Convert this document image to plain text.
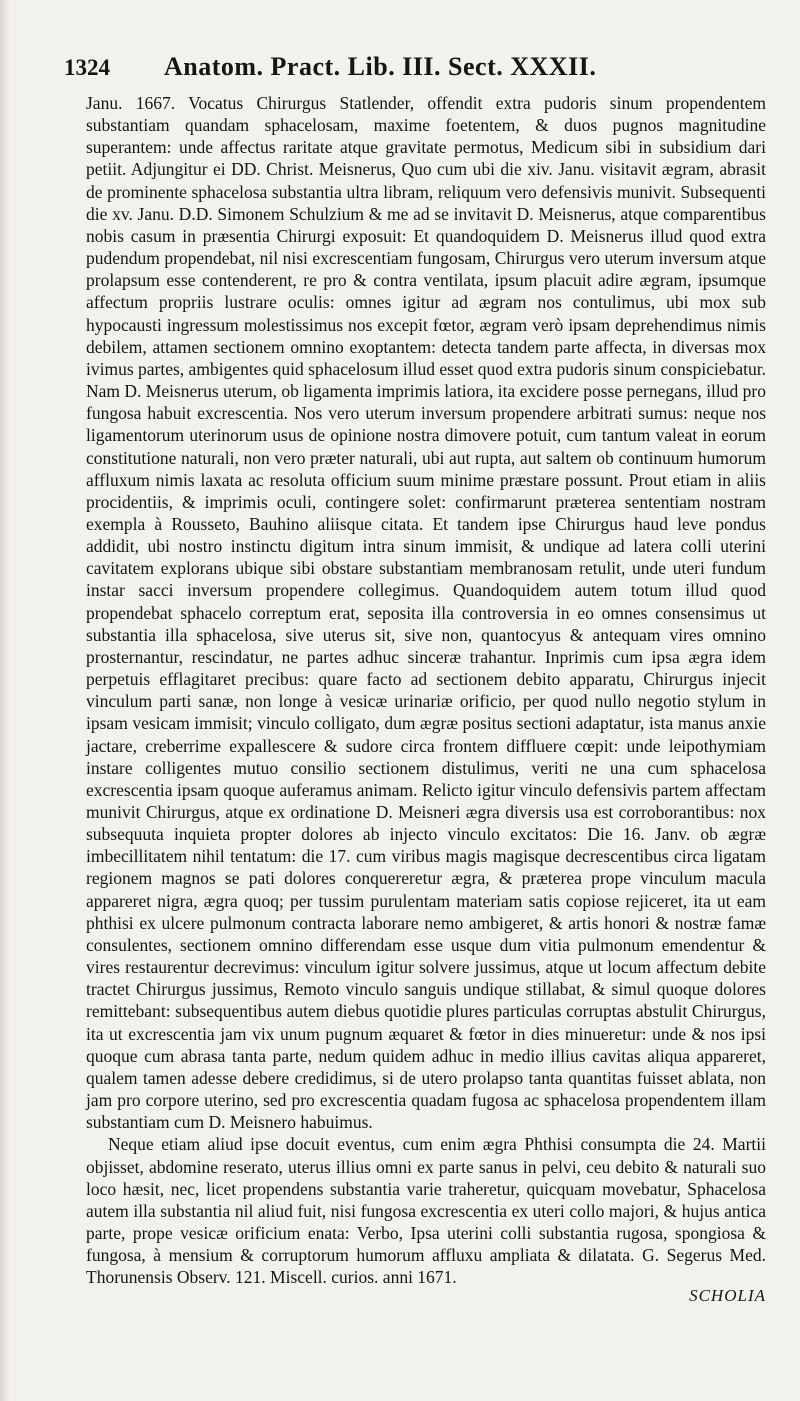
1324	Anatom. Pract. Lib. III. Sect. XXXII.

Janu. 1667. Vocatus Chirurgus Statlender, offendit extra pudoris sinum propendentem substantiam quandam sphacelosam, maxime foetentem, & duos pugnos magnitudine superantem: unde affectus raritate atque gravitate permotus, Medicum sibi in subsidium dari petiit. Adjungitur ei DD. Christ. Meisnerus, Quo cum ubi die xiv. Janu. visitavit ægram, abrasit de prominente sphacelosa substantia ultra libram, reliquum vero defensivis munivit. Subsequenti die xv. Janu. D.D. Simonem Schulzium & me ad se invitavit D. Meisnerus, atque comparentibus nobis casum in præsentia Chirurgi exposuit: Et quandoquidem D. Meisnerus illud quod extra pudendum propendebat, nil nisi excrescentiam fungosam, Chirurgus vero uterum inversum atque prolapsum esse contenderent, re pro & contra ventilata, ipsum placuit adire ægram, ipsumque affectum propriis lustrare oculis: omnes igitur ad ægram nos contulimus, ubi mox sub hypocausti ingressum molestissimus nos excepit fœtor, ægram verò ipsam deprehendimus nimis debilem, attamen sectionem omnino exoptantem: detecta tandem parte affecta, in diversas mox ivimus partes, ambigentes quid sphacelosum illud esset quod extra pudoris sinum conspiciebatur. Nam D. Meisnerus uterum, ob ligamenta imprimis latiora, ita excidere posse pernegans, illud pro fungosa habuit excrescentia. Nos vero uterum inversum propendere arbitrati sumus: neque nos ligamentorum uterinorum usus de opinione nostra dimovere potuit, cum tantum valeat in eorum constitutione naturali, non vero præter naturali, ubi aut rupta, aut saltem ob continuum humorum affluxum nimis laxata ac resoluta officium suum minime præstare possunt. Prout etiam in aliis procidentiis, & imprimis oculi, contingere solet: confirmarunt præterea sententiam nostram exempla à Rousseto, Bauhino aliisque citata. Et tandem ipse Chirurgus haud leve pondus addidit, ubi nostro instinctu digitum intra sinum immisit, & undique ad latera colli uterini cavitatem explorans ubique sibi obstare substantiam membranosam retulit, unde uteri fundum instar sacci inversum propendere collegimus. Quandoquidem autem totum illud quod propendebat sphacelo correptum erat, seposita illa controversia in eo omnes consensimus ut substantia illa sphacelosa, sive uterus sit, sive non, quantocyus & antequam vires omnino prosternantur, rescindatur, ne partes adhuc sinceræ trahantur. Inprimis cum ipsa ægra idem perpetuis efflagitaret precibus: quare facto ad sectionem debito apparatu, Chirurgus injecit vinculum parti sanæ, non longe à vesicæ urinariæ orificio, per quod nullo negotio stylum in ipsam vesicam immisit; vinculo colligato, dum ægræ positus sectioni adaptatur, ista manus anxie jactare, creberrime expallescere & sudore circa frontem diffluere cœpit: unde leipothymiam instare colligentes mutuo consilio sectionem distulimus, veriti ne una cum sphacelosa excrescentia ipsam quoque auferamus animam. Relicto igitur vinculo defensivis partem affectam munivit Chirurgus, atque ex ordinatione D. Meisneri ægra diversis usa est corroborantibus: nox subsequuta inquieta propter dolores ab injecto vinculo excitatos: Die 16. Janv. ob ægræ imbecillitatem nihil tentatum: die 17. cum viribus magis magisque decrescentibus circa ligatam regionem magnos se pati dolores conquereretur ægra, & præterea prope vinculum macula appareret nigra, ægra quoq; per tussim purulentam materiam satis copiose rejiceret, ita ut eam phthisi ex ulcere pulmonum contracta laborare nemo ambigeret, & artis honori & nostræ famæ consulentes, sectionem omnino differendam esse usque dum vitia pulmonum emendentur & vires restaurentur decrevimus: vinculum igitur solvere jussimus, atque ut locum affectum debite tractet Chirurgus jussimus, Remoto vinculo sanguis undique stillabat, & simul quoque dolores remittebant: subsequentibus autem diebus quotidie plures particulas corruptas abstulit Chirurgus, ita ut excrescentia jam vix unum pugnum æquaret & fœtor in dies minueretur: unde & nos ipsi quoque cum abrasa tanta parte, nedum quidem adhuc in medio illius cavitas aliqua appareret, qualem tamen adesse debere credidimus, si de utero prolapso tanta quantitas fuisset ablata, non jam pro corpore uterino, sed pro excrescentia quadam fugosa ac sphacelosa propendentem illam substantiam cum D. Meisnero habuimus.

Neque etiam aliud ipse docuit eventus, cum enim ægra Phthisi consumpta die 24. Martii objisset, abdomine reserato, uterus illius omni ex parte sanus in pelvi, ceu debito & naturali suo loco hæsit, nec, licet propendens substantia varie traheretur, quicquam movebatur, Sphacelosa autem illa substantia nil aliud fuit, nisi fungosa excrescentia ex uteri collo majori, & hujus antica parte, prope vesicæ orificium enata: Verbo, Ipsa uterini colli substantia rugosa, spongiosa & fungosa, à mensium & corruptorum humorum affluxu ampliata & dilatata. G. Segerus Med. Thorunensis Observ. 121. Miscell. curios. anni 1671.

SCHOLIA
